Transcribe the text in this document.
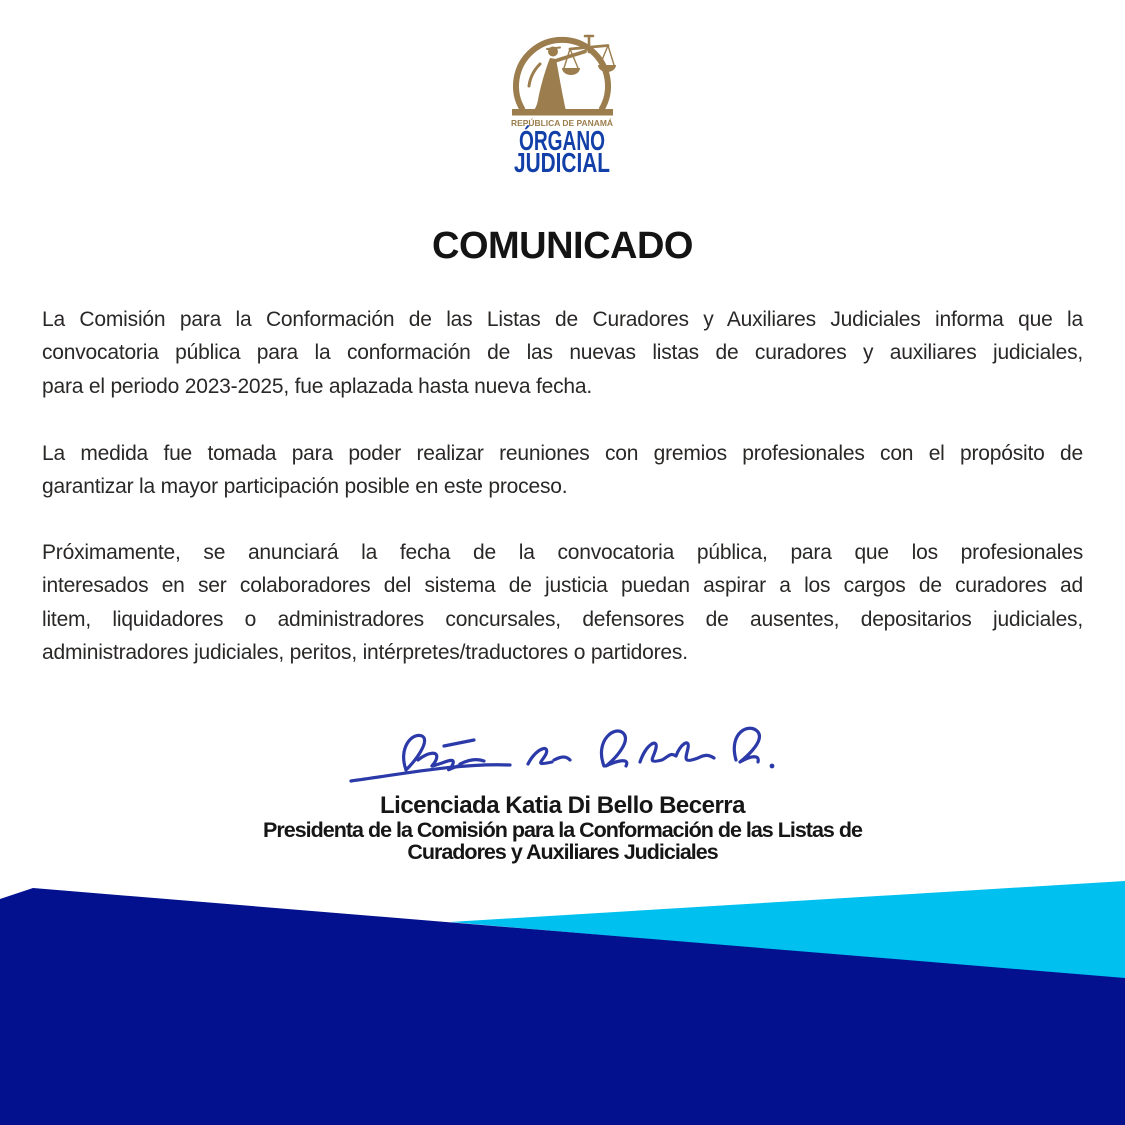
REPÚBLICA DE PANAMÁ
ÓRGANO
JUDICIAL
COMUNICADO
La Comisión para la Conformación de las Listas de Curadores y Auxiliares Judiciales informa que la
convocatoria pública para la conformación de las nuevas listas de curadores y auxiliares judiciales,
para el periodo 2023-2025, fue aplazada hasta nueva fecha.
La medida fue tomada para poder realizar reuniones con gremios profesionales con el propósito de
garantizar la mayor participación posible en este proceso.
Próximamente, se anunciará la fecha de la convocatoria pública, para que los profesionales
interesados en ser colaboradores del sistema de justicia puedan aspirar a los cargos de curadores ad
litem, liquidadores o administradores concursales, defensores de ausentes, depositarios judiciales,
administradores judiciales, peritos, intérpretes/traductores o partidores.
Licenciada Katia Di Bello Becerra
Presidenta de la Comisión para la Conformación de las Listas de
Curadores y Auxiliares Judiciales
